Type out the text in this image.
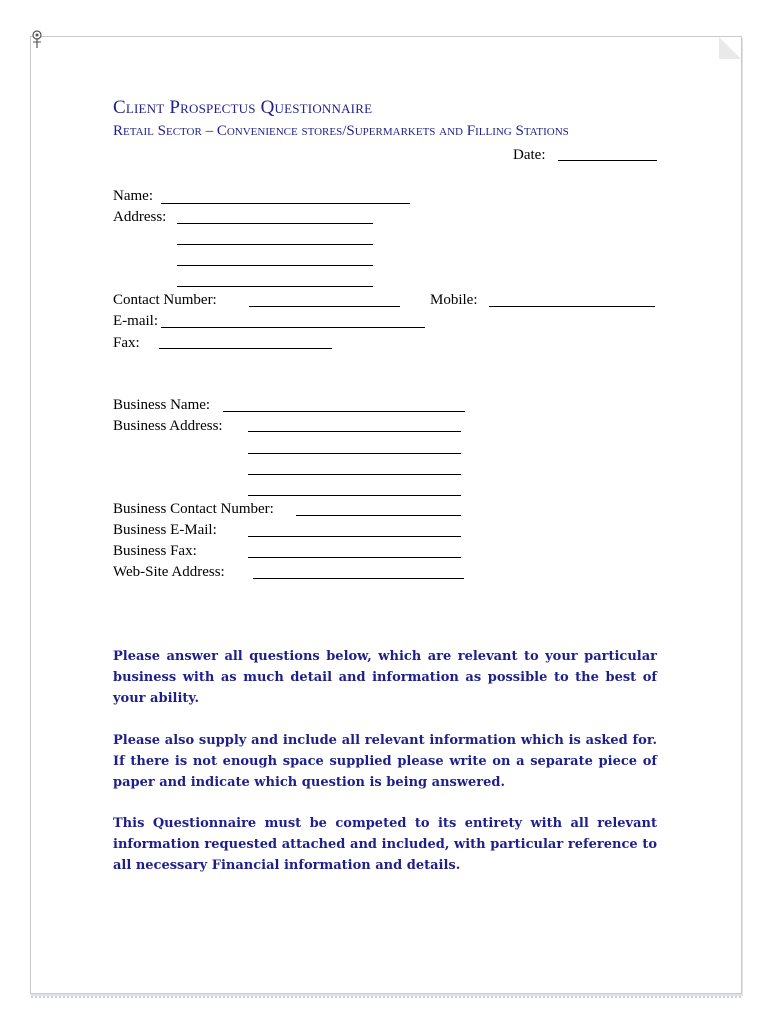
Client Prospectus Questionnaire
Retail Sector – Convenience stores/Supermarkets and Filling Stations
Date:
Name:
Address:
Contact Number:	Mobile:
E-mail:
Fax:
Business Name:
Business Address:
Business Contact Number:
Business E-Mail:
Business Fax:
Web-Site Address:

Please answer all questions below, which are relevant to your particular business with as much detail and information as possible to the best of your ability.

Please also supply and include all relevant information which is asked for. If there is not enough space supplied please write on a separate piece of paper and indicate which question is being answered.

This Questionnaire must be competed to its entirety with all relevant information requested attached and included, with particular reference to all necessary Financial information and details.
